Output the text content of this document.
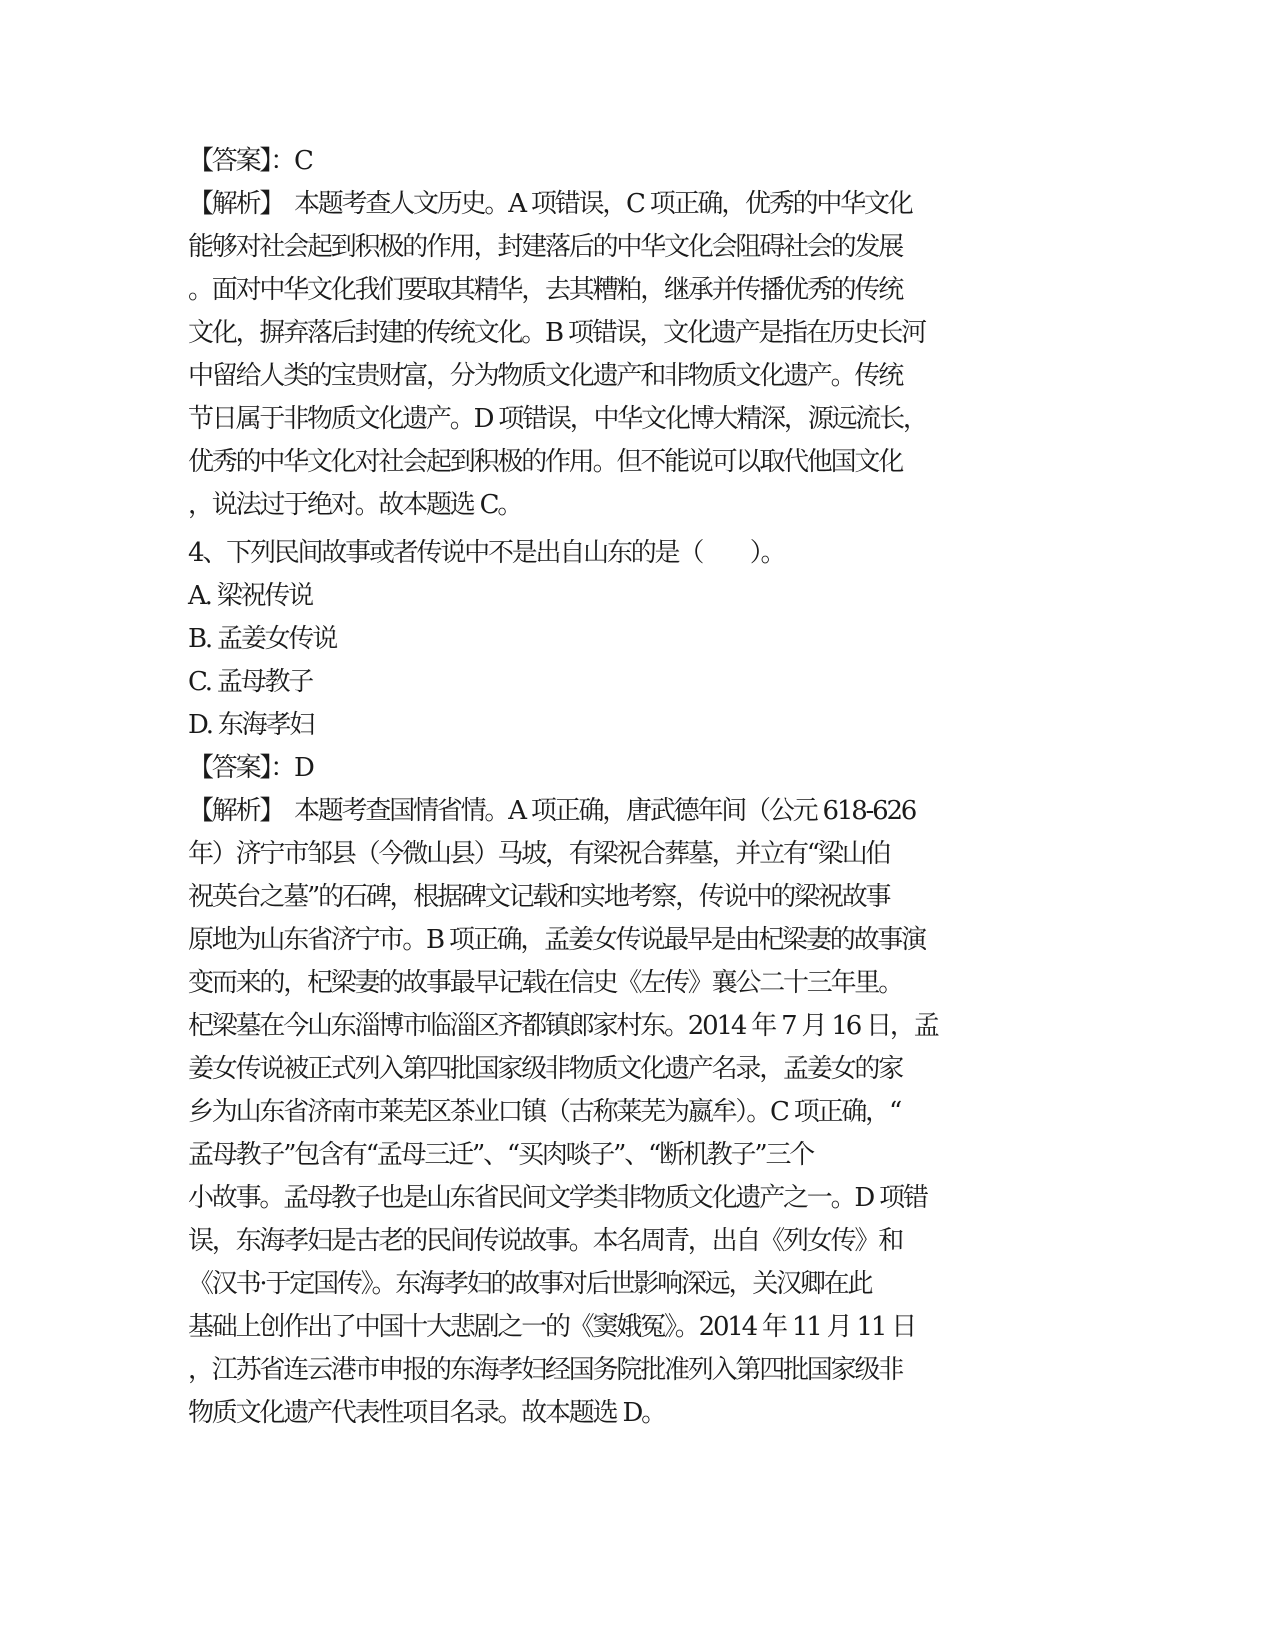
【答案】：C
【解析】　本题考查人文历史。A 项错误，C 项正确，优秀的中华文化
能够对社会起到积极的作用，封建落后的中华文化会阻碍社会的发展
。面对中华文化我们要取其精华，去其糟粕，继承并传播优秀的传统
文化，摒弃落后封建的传统文化。B 项错误，文化遗产是指在历史长河
中留给人类的宝贵财富，分为物质文化遗产和非物质文化遗产。传统
节日属于非物质文化遗产。D 项错误，中华文化博大精深，源远流长，
优秀的中华文化对社会起到积极的作用。但不能说可以取代他国文化
，说法过于绝对。故本题选 C。
4、下列民间故事或者传说中不是出自山东的是（　　）。
A. 梁祝传说
B. 孟姜女传说
C. 孟母教子
D. 东海孝妇
【答案】：D
【解析】　本题考查国情省情。A 项正确，唐武德年间（公元 618-626
年）济宁市邹县（今微山县）马坡，有梁祝合葬墓，并立有“梁山伯
祝英台之墓”的石碑，根据碑文记载和实地考察，传说中的梁祝故事
原地为山东省济宁市。B 项正确，孟姜女传说最早是由杞梁妻的故事演
变而来的，杞梁妻的故事最早记载在信史《左传》襄公二十三年里。
杞梁墓在今山东淄博市临淄区齐都镇郎家村东。2014 年 7 月 16 日，孟
姜女传说被正式列入第四批国家级非物质文化遗产名录，孟姜女的家
乡为山东省济南市莱芜区茶业口镇（古称莱芜为嬴牟）。C 项正确，“
孟母教子”包含有“孟母三迁”、“买肉啖子”、“断机教子”三个
小故事。孟母教子也是山东省民间文学类非物质文化遗产之一。D 项错
误，东海孝妇是古老的民间传说故事。本名周青，出自《列女传》和
《汉书·于定国传》。东海孝妇的故事对后世影响深远，关汉卿在此
基础上创作出了中国十大悲剧之一的《窦娥冤》。2014 年 11 月 11 日
，江苏省连云港市申报的东海孝妇经国务院批准列入第四批国家级非
物质文化遗产代表性项目名录。故本题选 D。
